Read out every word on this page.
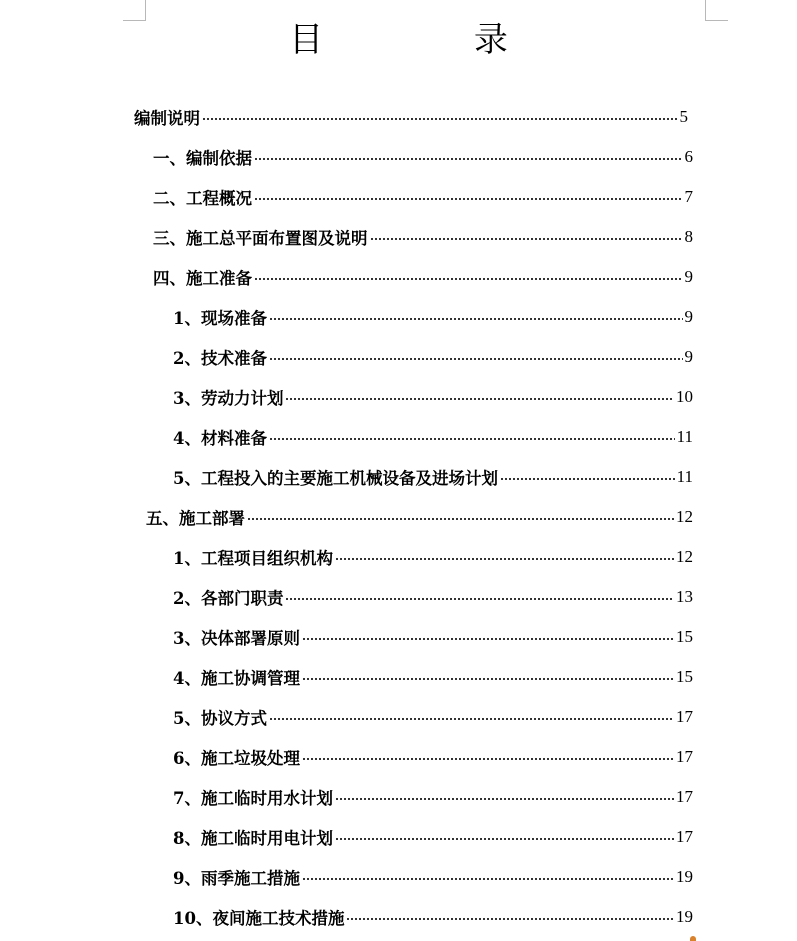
目 录
编制说明	5
一、编制依据	6
二、工程概况	7
三、施工总平面布置图及说明	8
四、施工准备	9
1、现场准备	9
2、技术准备	9
3、劳动力计划	10
4、材料准备	11
5、工程投入的主要施工机械设备及进场计划	11
五、施工部署	12
1、工程项目组织机构	12
2、各部门职责	13
3、决体部署原则	15
4、施工协调管理	15
5、协议方式	17
6、施工垃圾处理	17
7、施工临时用水计划	17
8、施工临时用电计划	17
9、雨季施工措施	19
10、夜间施工技术措施	19
